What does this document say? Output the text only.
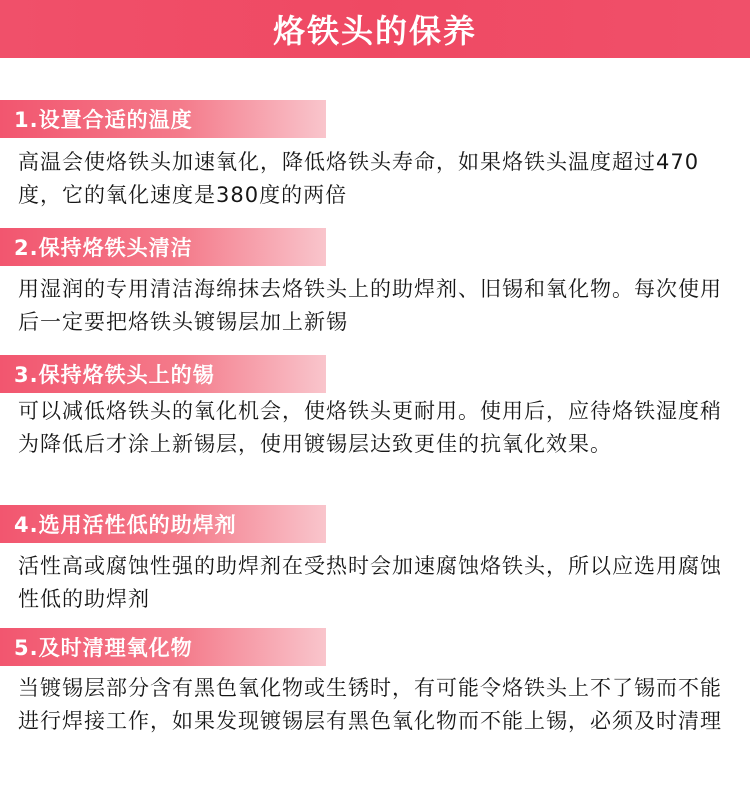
烙铁头的保养
1.设置合适的温度

高温会使烙铁头加速氧化，降低烙铁头寿命，如果烙铁头温度超过470度，它的氧化速度是380度的两倍

2.保持烙铁头清洁

用湿润的专用清洁海绵抹去烙铁头上的助焊剂、旧锡和氧化物。每次使用后一定要把烙铁头镀锡层加上新锡

3.保持烙铁头上的锡

可以减低烙铁头的氧化机会，使烙铁头更耐用。使用后，应待烙铁湿度稍为降低后才涂上新锡层，使用镀锡层达致更佳的抗氧化效果。

4.选用活性低的助焊剂

活性高或腐蚀性强的助焊剂在受热时会加速腐蚀烙铁头，所以应选用腐蚀性低的助焊剂

5.及时清理氧化物

当镀锡层部分含有黑色氧化物或生锈时，有可能令烙铁头上不了锡而不能进行焊接工作，如果发现镀锡层有黑色氧化物而不能上锡，必须及时清理
